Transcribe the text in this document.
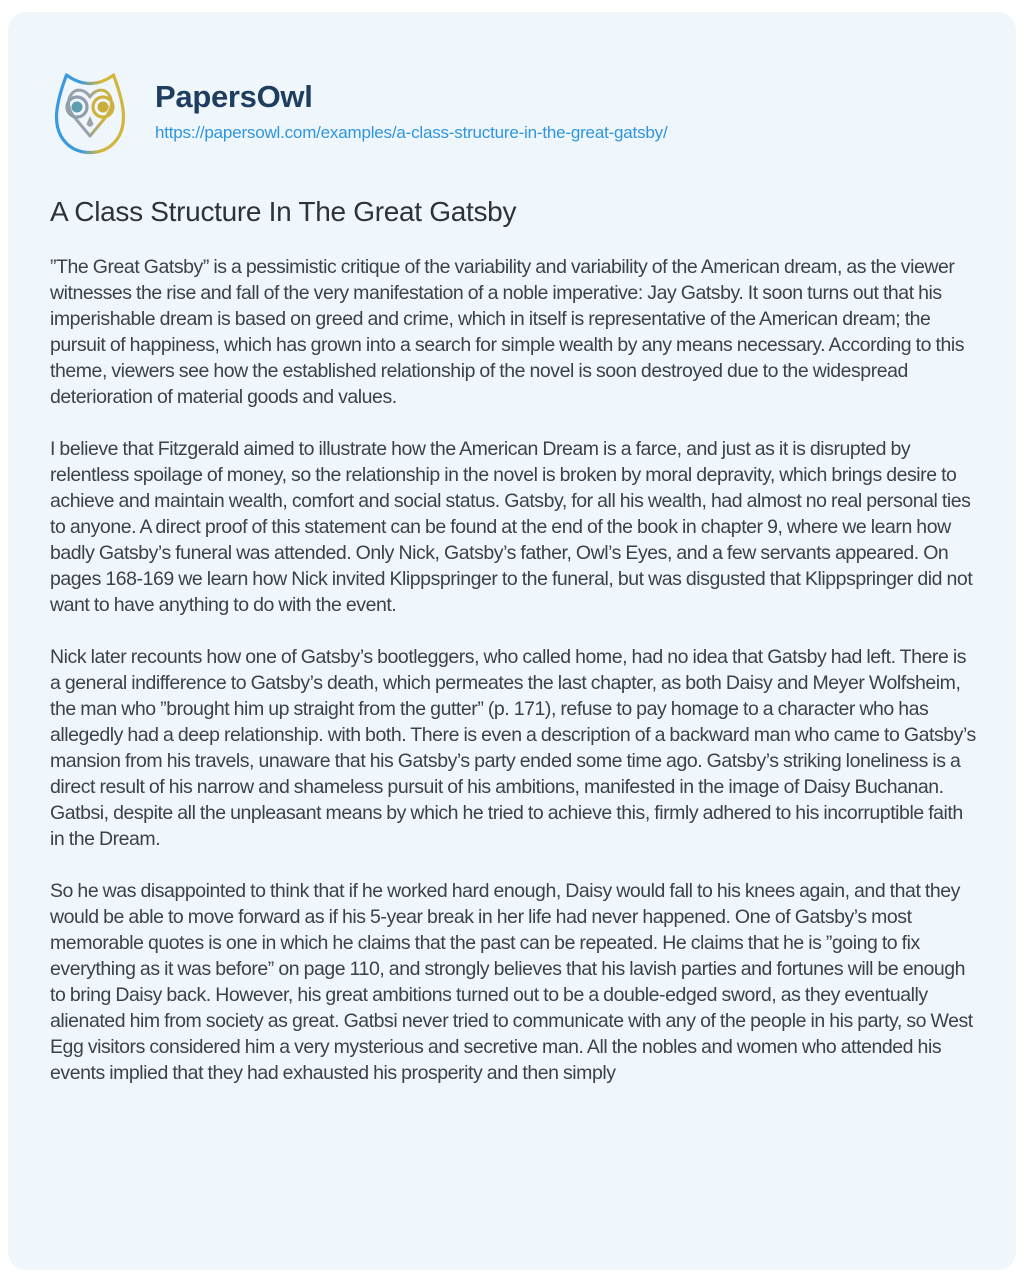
PapersOwl
https://papersowl.com/examples/a-class-structure-in-the-great-gatsby/
A Class Structure In The Great Gatsby

”The Great Gatsby” is a pessimistic critique of the variability and variability of the American dream, as the viewer witnesses the rise and fall of the very manifestation of a noble imperative: Jay Gatsby. It soon turns out that his imperishable dream is based on greed and crime, which in itself is representative of the American dream; the pursuit of happiness, which has grown into a search for simple wealth by any means necessary. According to this theme, viewers see how the established relationship of the novel is soon destroyed due to the widespread deterioration of material goods and values.

I believe that Fitzgerald aimed to illustrate how the American Dream is a farce, and just as it is disrupted by relentless spoilage of money, so the relationship in the novel is broken by moral depravity, which brings desire to achieve and maintain wealth, comfort and social status. Gatsby, for all his wealth, had almost no real personal ties to anyone. A direct proof of this statement can be found at the end of the book in chapter 9, where we learn how badly Gatsby’s funeral was attended. Only Nick, Gatsby’s father, Owl’s Eyes, and a few servants appeared. On pages 168-169 we learn how Nick invited Klippspringer to the funeral, but was disgusted that Klippspringer did not want to have anything to do with the event.

Nick later recounts how one of Gatsby’s bootleggers, who called home, had no idea that Gatsby had left. There is a general indifference to Gatsby’s death, which permeates the last chapter, as both Daisy and Meyer Wolfsheim, the man who ”brought him up straight from the gutter” (p. 171), refuse to pay homage to a character who has allegedly had a deep relationship. with both. There is even a description of a backward man who came to Gatsby’s mansion from his travels, unaware that his Gatsby’s party ended some time ago. Gatsby’s striking loneliness is a direct result of his narrow and shameless pursuit of his ambitions, manifested in the image of Daisy Buchanan. Gatbsi, despite all the unpleasant means by which he tried to achieve this, firmly adhered to his incorruptible faith in the Dream.

So he was disappointed to think that if he worked hard enough, Daisy would fall to his knees again, and that they would be able to move forward as if his 5-year break in her life had never happened. One of Gatsby’s most memorable quotes is one in which he claims that the past can be repeated. He claims that he is ”going to fix everything as it was before” on page 110, and strongly believes that his lavish parties and fortunes will be enough to bring Daisy back. However, his great ambitions turned out to be a double-edged sword, as they eventually alienated him from society as great. Gatbsi never tried to communicate with any of the people in his party, so West Egg visitors considered him a very mysterious and secretive man. All the nobles and women who attended his events implied that they had exhausted his prosperity and then simply
